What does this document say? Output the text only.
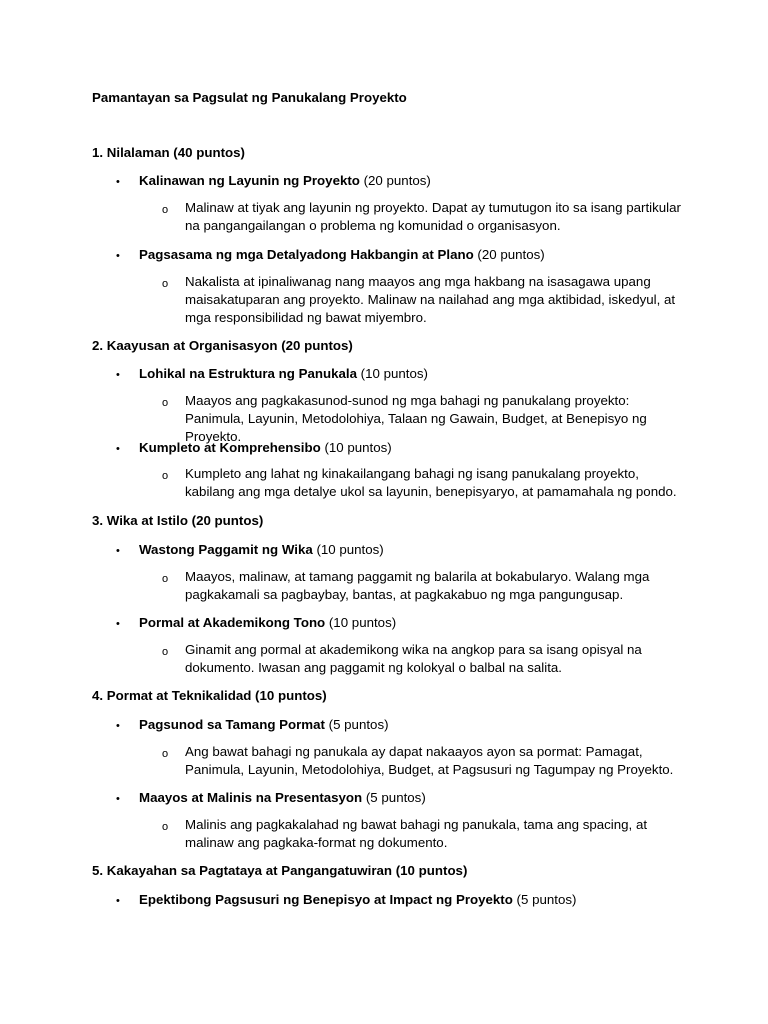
Pamantayan sa Pagsulat ng Panukalang Proyekto
1. Nilalaman (40 puntos)
• Kalinawan ng Layunin ng Proyekto (20 puntos)
o Malinaw at tiyak ang layunin ng proyekto. Dapat ay tumutugon ito sa isang partikular na pangangailangan o problema ng komunidad o organisasyon.
• Pagsasama ng mga Detalyadong Hakbangin at Plano (20 puntos)
o Nakalista at ipinaliwanag nang maayos ang mga hakbang na isasagawa upang maisakatuparan ang proyekto. Malinaw na nailahad ang mga aktibidad, iskedyul, at mga responsibilidad ng bawat miyembro.
2. Kaayusan at Organisasyon (20 puntos)
• Lohikal na Estruktura ng Panukala (10 puntos)
o Maayos ang pagkakasunod-sunod ng mga bahagi ng panukalang proyekto: Panimula, Layunin, Metodolohiya, Talaan ng Gawain, Budget, at Benepisyo ng Proyekto.
• Kumpleto at Komprehensibo (10 puntos)
o Kumpleto ang lahat ng kinakailangang bahagi ng isang panukalang proyekto, kabilang ang mga detalye ukol sa layunin, benepisyaryo, at pamamahala ng pondo.
3. Wika at Istilo (20 puntos)
• Wastong Paggamit ng Wika (10 puntos)
o Maayos, malinaw, at tamang paggamit ng balarila at bokabularyo. Walang mga pagkakamali sa pagbaybay, bantas, at pagkakabuo ng mga pangungusap.
• Pormal at Akademikong Tono (10 puntos)
o Ginamit ang pormal at akademikong wika na angkop para sa isang opisyal na dokumento. Iwasan ang paggamit ng kolokyal o balbal na salita.
4. Pormat at Teknikalidad (10 puntos)
• Pagsunod sa Tamang Pormat (5 puntos)
o Ang bawat bahagi ng panukala ay dapat nakaayos ayon sa pormat: Pamagat, Panimula, Layunin, Metodolohiya, Budget, at Pagsusuri ng Tagumpay ng Proyekto.
• Maayos at Malinis na Presentasyon (5 puntos)
o Malinis ang pagkakalahad ng bawat bahagi ng panukala, tama ang spacing, at malinaw ang pagkaka-format ng dokumento.
5. Kakayahan sa Pagtataya at Pangangatuwiran (10 puntos)
• Epektibong Pagsusuri ng Benepisyo at Impact ng Proyekto (5 puntos)
